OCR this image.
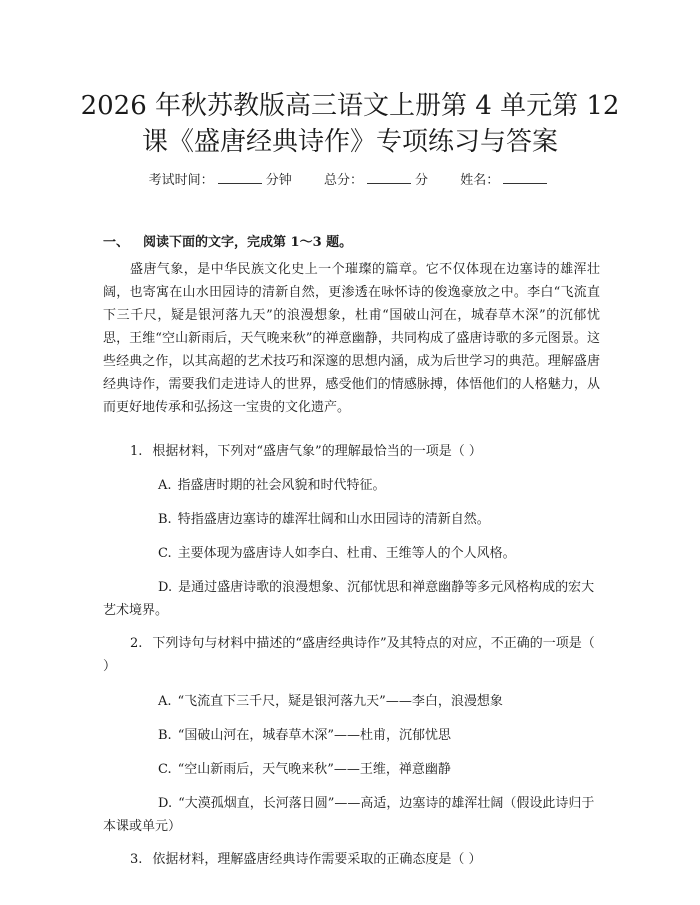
2026 年秋苏教版高三语文上册第 4 单元第 12
课《盛唐经典诗作》专项练习与答案
考试时间：	分钟 总分：	分 姓名：
一、 阅读下面的文字，完成第 1～3 题。

盛唐气象，是中华民族文化史上一个璀璨的篇章。它不仅体现在边塞诗的雄浑壮阔，也寄寓在山水田园诗的清新自然，更渗透在咏怀诗的俊逸豪放之中。李白“飞流直下三千尺，疑是银河落九天”的浪漫想象，杜甫“国破山河在，城春草木深”的沉郁忧思，王维“空山新雨后，天气晚来秋”的禅意幽静，共同构成了盛唐诗歌的多元图景。这些经典之作，以其高超的艺术技巧和深邃的思想内涵，成为后世学习的典范。理解盛唐经典诗作，需要我们走进诗人的世界，感受他们的情感脉搏，体悟他们的人格魅力，从而更好地传承和弘扬这一宝贵的文化遗产。

1. 根据材料，下列对“盛唐气象”的理解最恰当的一项是（ ）

A. 指盛唐时期的社会风貌和时代特征。

B. 特指盛唐边塞诗的雄浑壮阔和山水田园诗的清新自然。

C. 主要体现为盛唐诗人如李白、杜甫、王维等人的个人风格。

D. 是通过盛唐诗歌的浪漫想象、沉郁忧思和禅意幽静等多元风格构成的宏大艺术境界。

2. 下列诗句与材料中描述的“盛唐经典诗作”及其特点的对应，不正确的一项是（ ）

A. “飞流直下三千尺，疑是银河落九天”——李白，浪漫想象

B. “国破山河在，城春草木深”——杜甫，沉郁忧思

C. “空山新雨后，天气晚来秋”——王维，禅意幽静

D. “大漠孤烟直，长河落日圆”——高适，边塞诗的雄浑壮阔（假设此诗归于本课或单元）

3. 依据材料，理解盛唐经典诗作需要采取的正确态度是（ ）
